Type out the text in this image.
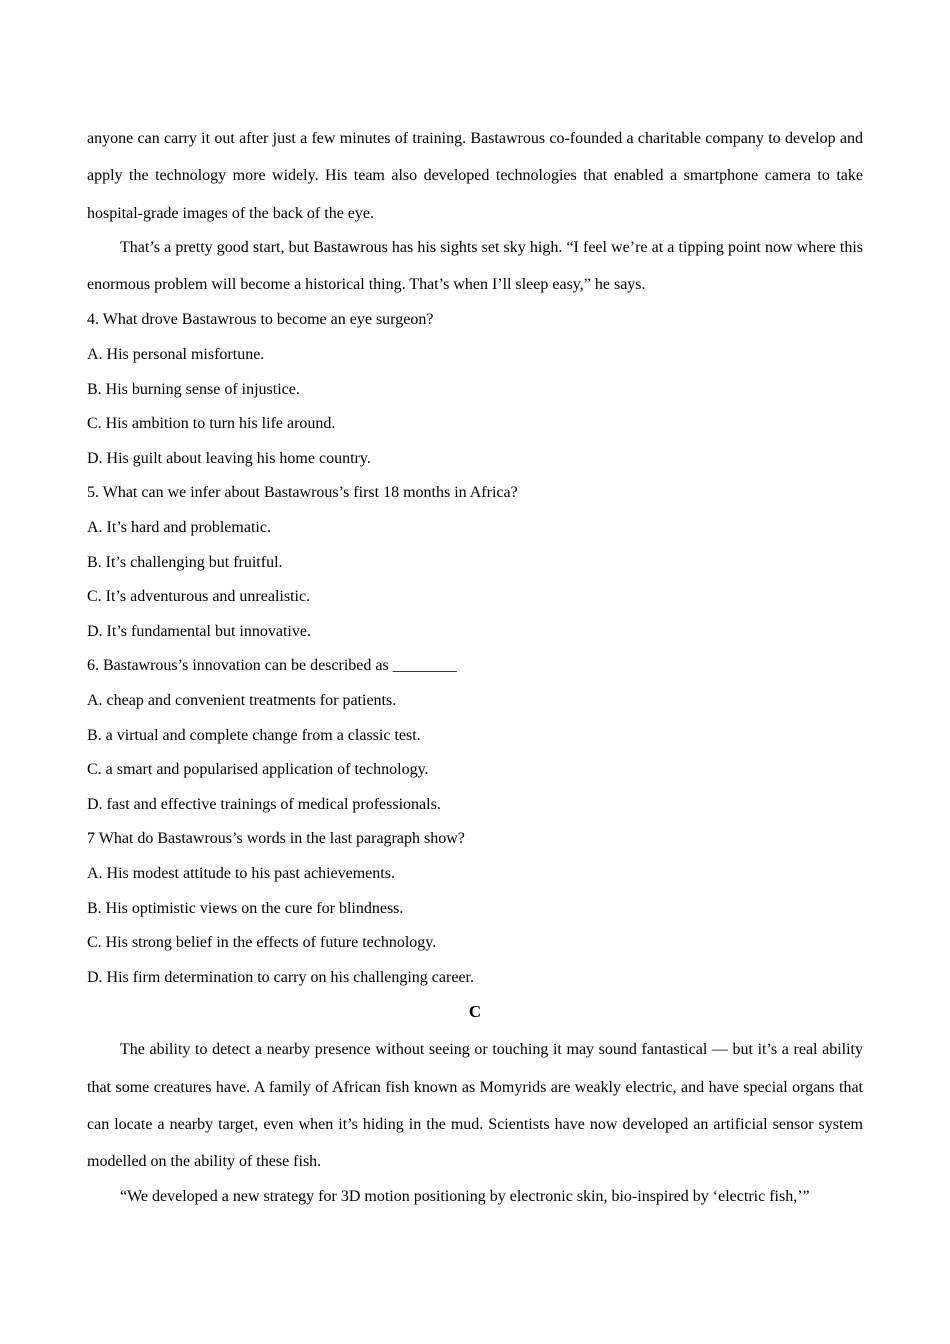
anyone can carry it out after just a few minutes of training. Bastawrous co-founded a charitable company to develop and apply the technology more widely. His team also developed technologies that enabled a smartphone camera to take hospital-grade images of the back of the eye.

That’s a pretty good start, but Bastawrous has his sights set sky high. “I feel we’re at a tipping point now where this enormous problem will become a historical thing. That’s when I’ll sleep easy,” he says.

4. What drove Bastawrous to become an eye surgeon?

A. His personal misfortune.

B. His burning sense of injustice.

C. His ambition to turn his life around.

D. His guilt about leaving his home country.

5. What can we infer about Bastawrous’s first 18 months in Africa?

A. It’s hard and problematic.

B. It’s challenging but fruitful.

C. It’s adventurous and unrealistic.

D. It’s fundamental but innovative.

6. Bastawrous’s innovation can be described as ________

A. cheap and convenient treatments for patients.

B. a virtual and complete change from a classic test.

C. a smart and popularised application of technology.

D. fast and effective trainings of medical professionals.

7 What do Bastawrous’s words in the last paragraph show?

A. His modest attitude to his past achievements.

B. His optimistic views on the cure for blindness.

C. His strong belief in the effects of future technology.

D. His firm determination to carry on his challenging career.

C

The ability to detect a nearby presence without seeing or touching it may sound fantastical — but it’s a real ability that some creatures have. A family of African fish known as Momyrids are weakly electric, and have special organs that can locate a nearby target, even when it’s hiding in the mud. Scientists have now developed an artificial sensor system modelled on the ability of these fish.

“We developed a new strategy for 3D motion positioning by electronic skin, bio-inspired by ‘electric fish,’”
